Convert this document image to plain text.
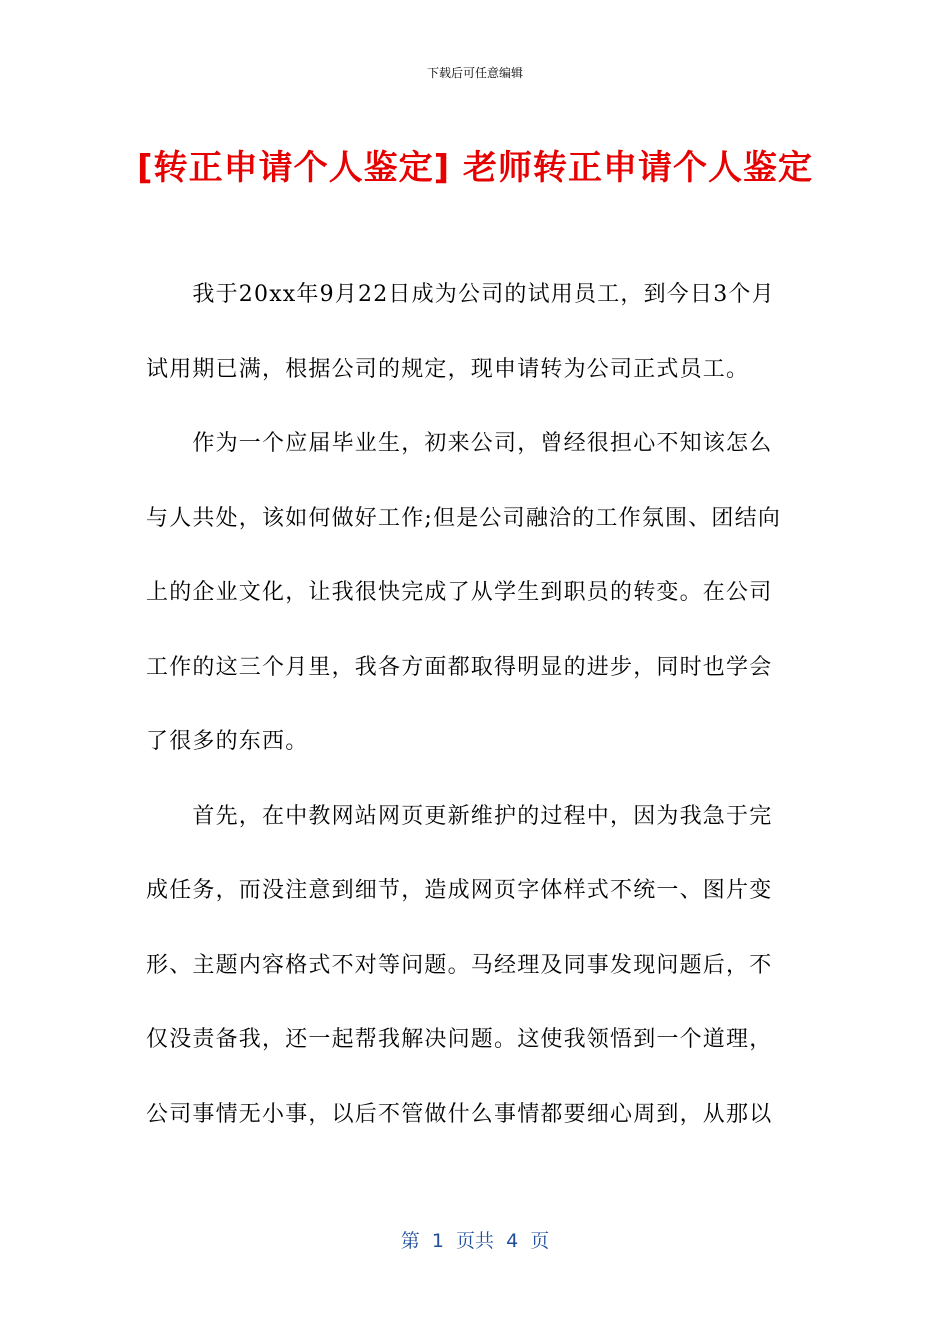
下载后可任意编辑
[转正申请个人鉴定] 老师转正申请个人鉴定
　　我于20xx年9月22日成为公司的试用员工，到今日3个月
试用期已满，根据公司的规定，现申请转为公司正式员工。
　　作为一个应届毕业生，初来公司，曾经很担心不知该怎么
与人共处，该如何做好工作;但是公司融洽的工作氛围、团结向
上的企业文化，让我很快完成了从学生到职员的转变。在公司
工作的这三个月里，我各方面都取得明显的进步，同时也学会
了很多的东西。
　　首先，在中教网站网页更新维护的过程中，因为我急于完
成任务，而没注意到细节，造成网页字体样式不统一、图片变
形、主题内容格式不对等问题。马经理及同事发现问题后，不
仅没责备我，还一起帮我解决问题。这使我领悟到一个道理，
公司事情无小事，以后不管做什么事情都要细心周到，从那以
第  1  页共  4  页
